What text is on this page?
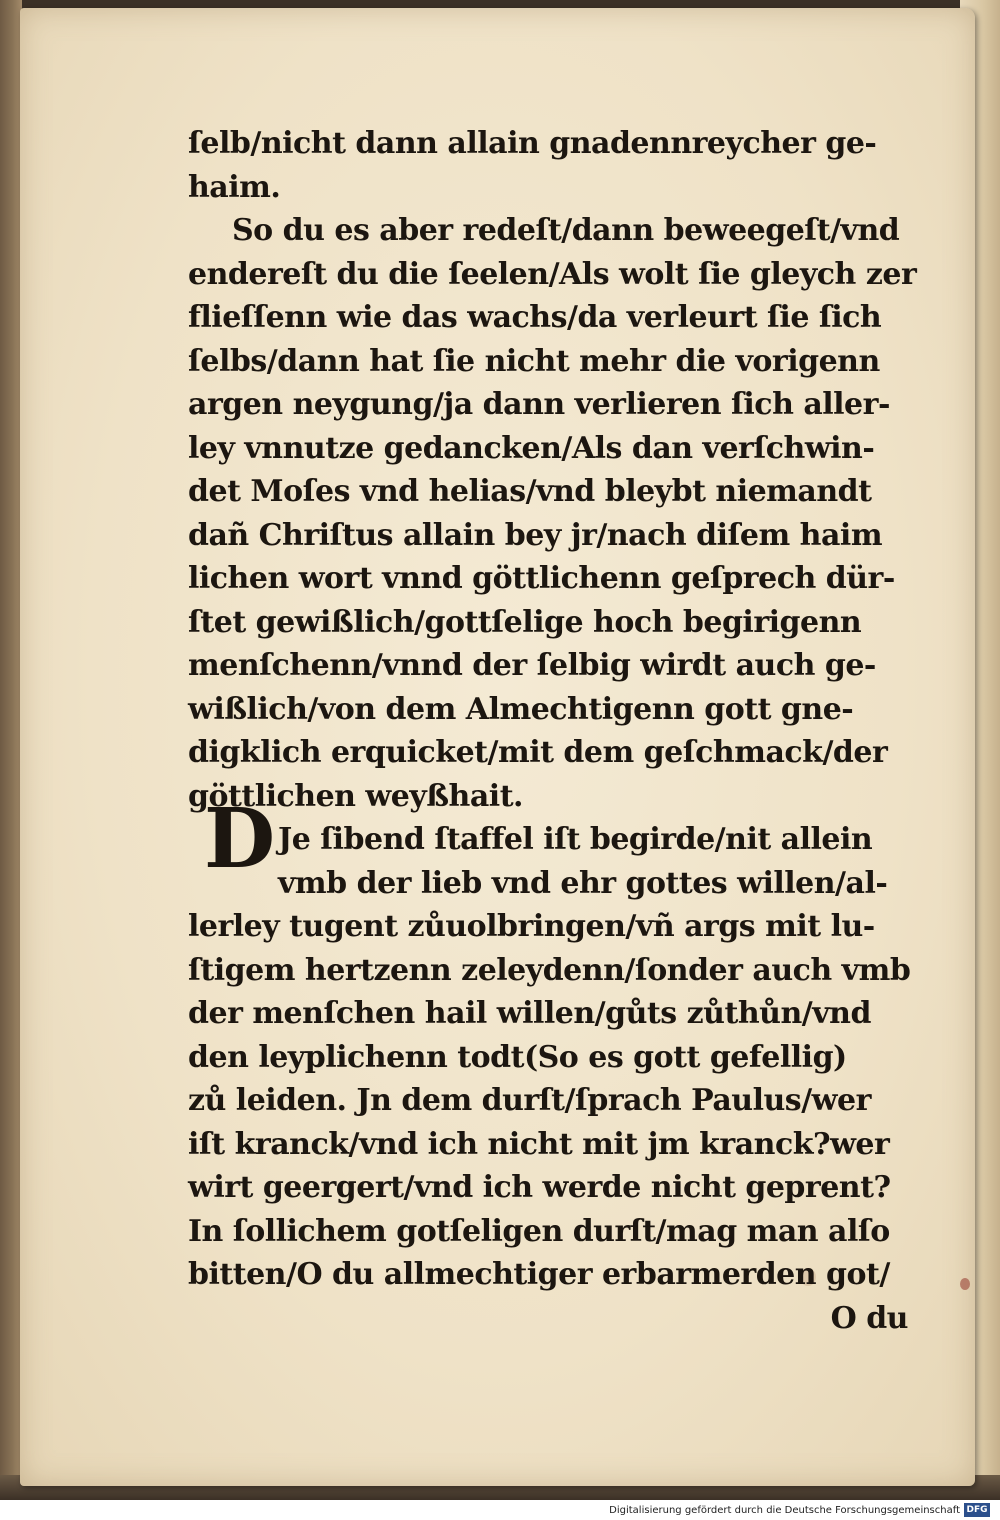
D
ſelb/nicht dann allain gnadennreycher ge-
haim.
So du es aber redeſt/dann beweegeſt/vnd
endereſt du die ſeelen/Als wolt ſie gleych zer
flieſſenn wie das wachs/da verleurt ſie ſich
ſelbs/dann hat ſie nicht mehr die vorigenn
argen neygung/ja dann verlieren ſich aller-
ley vnnutze gedancken/Als dan verſchwin-
det Moſes vnd helias/vnd bleybt niemandt
dañ Chriſtus allain bey jr/nach diſem haim
lichen wort vnnd göttlichenn geſprech dür-
ſtet gewißlich/gottſelige hoch begirigenn
menſchenn/vnnd der ſelbig wirdt auch ge-
wißlich/von dem Almechtigenn gott gne-
digklich erquicket/mit dem geſchmack/der
göttlichen weyßhait.
Je ſibend ſtaffel iſt begirde/nit allein
vmb der lieb vnd ehr gottes willen/al-
lerley tugent zůuolbringen/vñ args mit lu-
ſtigem hertzenn zeleydenn/ſonder auch vmb
der menſchen hail willen/gůts zůthůn/vnd
den leyplichenn todt(So es gott gefellig)
zů leiden. Jn dem durſt/ſprach Paulus/wer
iſt kranck/vnd ich nicht mit jm kranck?wer
wirt geergert/vnd ich werde nicht geprent?
In ſollichem gotſeligen durſt/mag man alſo
bitten/O du allmechtiger erbarmerden got/
O du
Digitalisierung gefördert durch die Deutsche Forschungsgemeinschaft DFG
